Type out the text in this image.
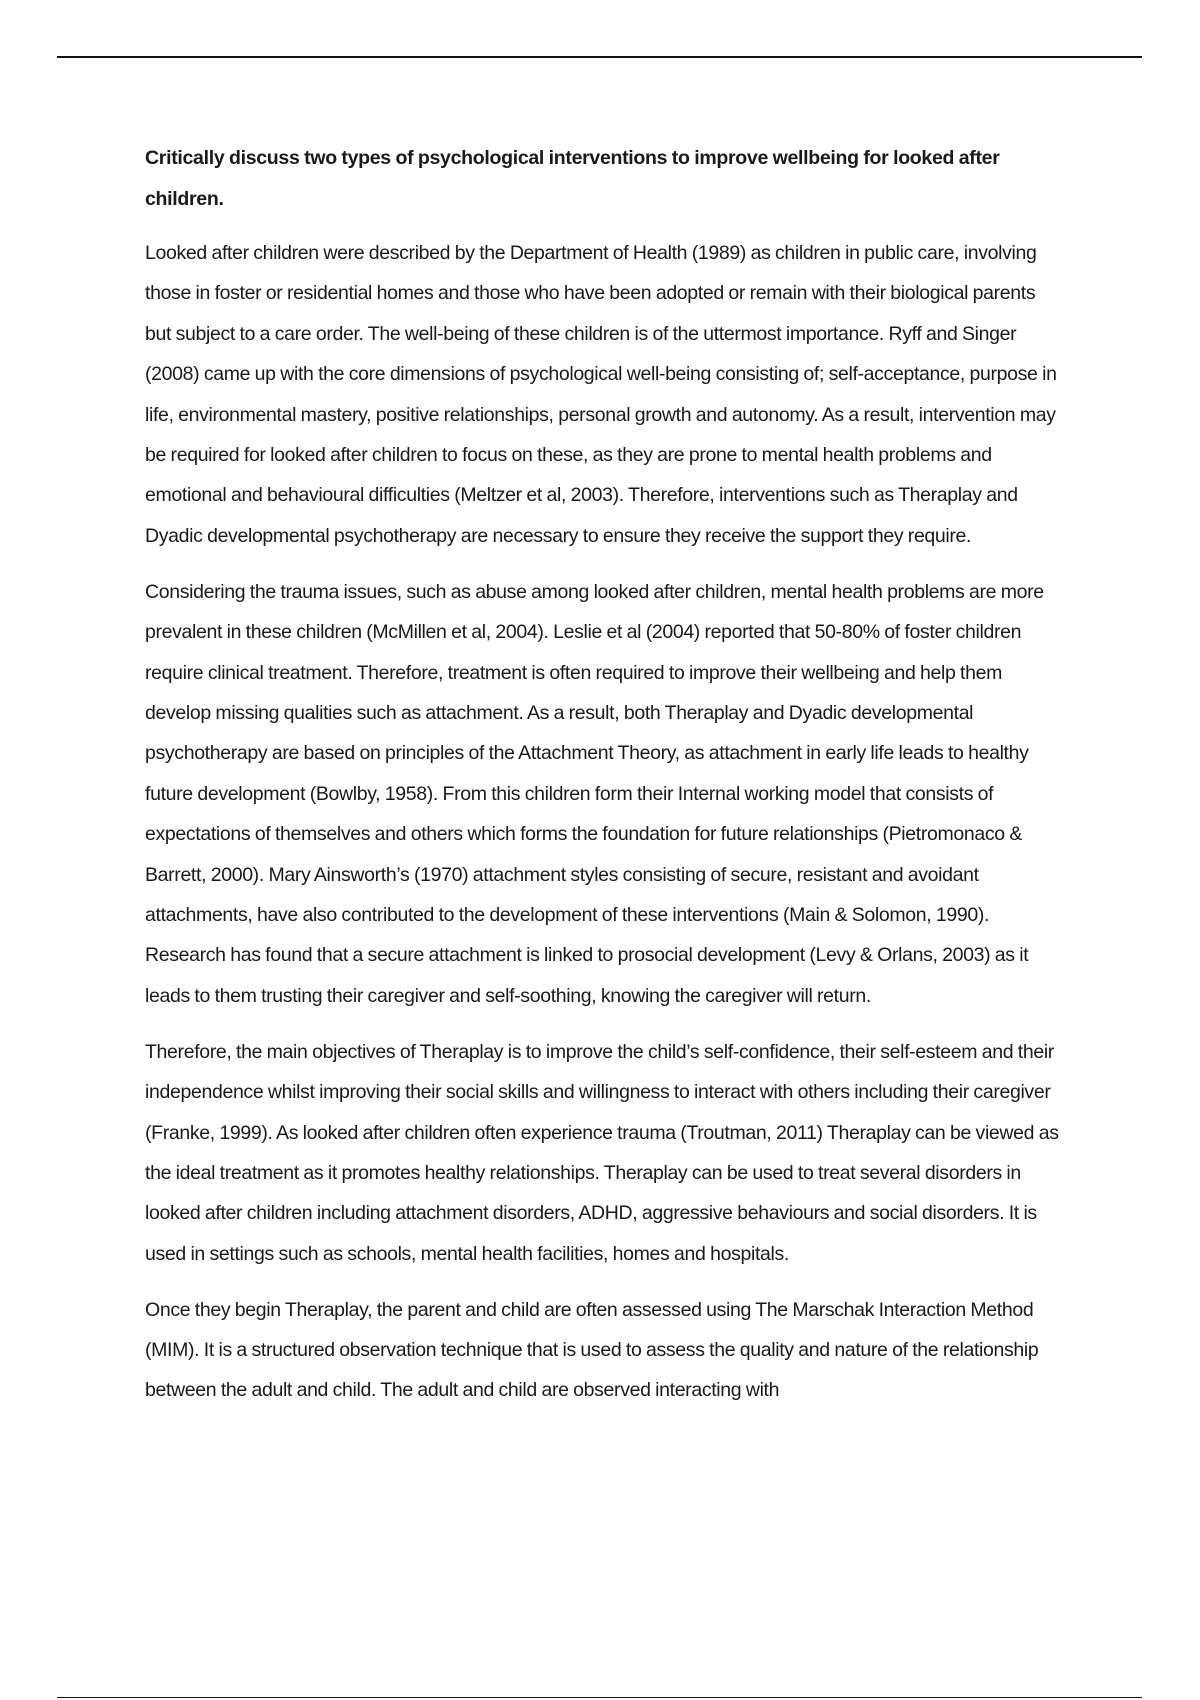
Critically discuss two types of psychological interventions to improve wellbeing for looked after children.

Looked after children were described by the Department of Health (1989) as children in public care, involving those in foster or residential homes and those who have been adopted or remain with their biological parents but subject to a care order. The well-being of these children is of the uttermost importance. Ryff and Singer (2008) came up with the core dimensions of psychological well-being consisting of; self-acceptance, purpose in life, environmental mastery, positive relationships, personal growth and autonomy. As a result, intervention may be required for looked after children to focus on these, as they are prone to mental health problems and emotional and behavioural difficulties (Meltzer et al, 2003). Therefore, interventions such as Theraplay and Dyadic developmental psychotherapy are necessary to ensure they receive the support they require.

Considering the trauma issues, such as abuse among looked after children, mental health problems are more prevalent in these children (McMillen et al, 2004). Leslie et al (2004) reported that 50-80% of foster children require clinical treatment. Therefore, treatment is often required to improve their wellbeing and help them develop missing qualities such as attachment. As a result, both Theraplay and Dyadic developmental psychotherapy are based on principles of the Attachment Theory, as attachment in early life leads to healthy future development (Bowlby, 1958). From this children form their Internal working model that consists of expectations of themselves and others which forms the foundation for future relationships (Pietromonaco & Barrett, 2000). Mary Ainsworth’s (1970) attachment styles consisting of secure, resistant and avoidant attachments, have also contributed to the development of these interventions (Main & Solomon, 1990). Research has found that a secure attachment is linked to prosocial development (Levy & Orlans, 2003) as it leads to them trusting their caregiver and self-soothing, knowing the caregiver will return.

Therefore, the main objectives of Theraplay is to improve the child’s self-confidence, their self-esteem and their independence whilst improving their social skills and willingness to interact with others including their caregiver (Franke, 1999). As looked after children often experience trauma (Troutman, 2011) Theraplay can be viewed as the ideal treatment as it promotes healthy relationships. Theraplay can be used to treat several disorders in looked after children including attachment disorders, ADHD, aggressive behaviours and social disorders. It is used in settings such as schools, mental health facilities, homes and hospitals.

Once they begin Theraplay, the parent and child are often assessed using The Marschak Interaction Method (MIM). It is a structured observation technique that is used to assess the quality and nature of the relationship between the adult and child. The adult and child are observed interacting with
